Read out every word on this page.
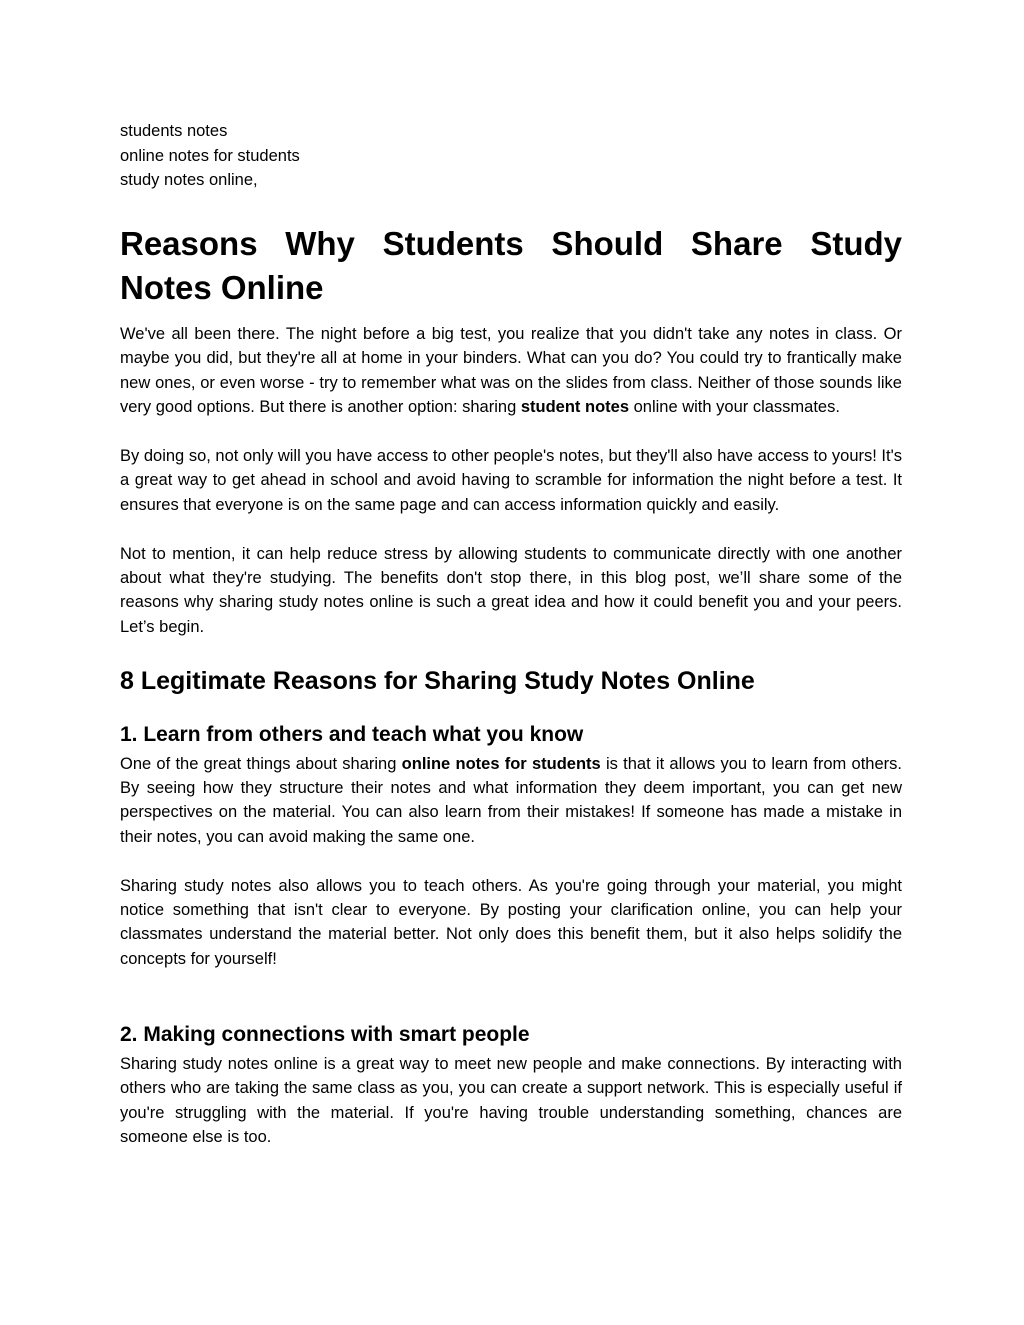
students notes
online notes for students
study notes online,
Reasons Why Students Should Share Study Notes Online

We've all been there. The night before a big test, you realize that you didn't take any notes in class. Or maybe you did, but they're all at home in your binders. What can you do? You could try to frantically make new ones, or even worse - try to remember what was on the slides from class. Neither of those sounds like very good options. But there is another option: sharing student notes online with your classmates.

By doing so, not only will you have access to other people's notes, but they'll also have access to yours! It's a great way to get ahead in school and avoid having to scramble for information the night before a test. It ensures that everyone is on the same page and can access information quickly and easily.

Not to mention, it can help reduce stress by allowing students to communicate directly with one another about what they're studying. The benefits don't stop there, in this blog post, we’ll share some of the reasons why sharing study notes online is such a great idea and how it could benefit you and your peers. Let’s begin.

8 Legitimate Reasons for Sharing Study Notes Online
1. Learn from others and teach what you know

One of the great things about sharing online notes for students is that it allows you to learn from others. By seeing how they structure their notes and what information they deem important, you can get new perspectives on the material. You can also learn from their mistakes! If someone has made a mistake in their notes, you can avoid making the same one.

Sharing study notes also allows you to teach others. As you're going through your material, you might notice something that isn't clear to everyone. By posting your clarification online, you can help your classmates understand the material better. Not only does this benefit them, but it also helps solidify the concepts for yourself!

2. Making connections with smart people

Sharing study notes online is a great way to meet new people and make connections. By interacting with others who are taking the same class as you, you can create a support network. This is especially useful if you're struggling with the material. If you're having trouble understanding something, chances are someone else is too.
